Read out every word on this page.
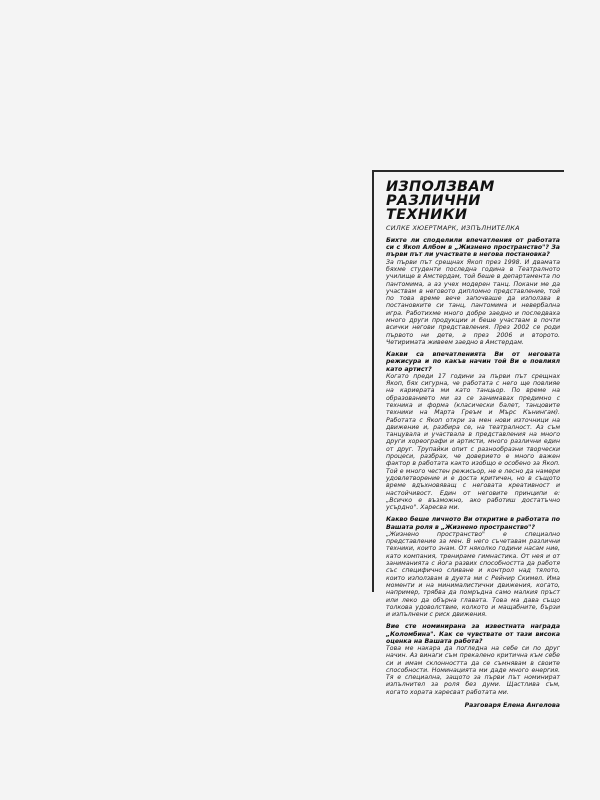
ИЗПОЛЗВАМ РАЗЛИЧНИ
ТЕХНИКИ
СИЛКЕ ХЮЕРТМАРК, ИЗПЪЛНИТЕЛКА

Бихте ли споделили впечатления от работата си с Якоп Албом в „Жизнено пространство"? За първи път ли участвате в негова постановка?

За първи път срещнах Якоп през 1998. И двамата бяхме студенти последна година в Театралното училище в Амстердам, той беше в департамента по пантомима, а аз учех модерен танц. Покани ме да участвам в неговото дипломно представление, той по това време вече започваше да използва в постановките си танц, пантомима и невербална игра. Работихме много добре заедно и последваха много други продукции и беше участвам в почти всички негови представления. През 2002 се роди първото ни дете, а през 2006 и второто. Четиримата живеем заедно в Амстердам.

Какви са впечатленията Ви от неговата режисура и по какъв начин той Ви е повлиял като артист?

Когато преди 17 години за първи път срещнах Якоп, бях сигурна, че работата с него ще повлияе на кариерата ми като танцьор. По време на образованието ми аз се занимавах предимно с техника и форма (класически балет, танцовите техники на Марта Греъм и Мърс Кънингам). Работата с Якоп откри за мен нови източници на движение и, разбира се, на театралност. Аз съм танцувала и участвала в представления на много други хореографи и артисти, много различни един от друг. Трупайки опит с разнообразни творчески процеси, разбрах, че доверието е много важен фактор в работата както изобщо е особено за Якоп. Той е много честен режисьор, не е лесно да намери удовлетворение и е доста критичен, но в същото време вдъхновяващ с неговата креативност и настойчивост. Един от неговите принципи е: „Всичко е възможно, ако работиш достатъчно усърдно". Харесва ми.

Какво беше личното Ви откритие в работата по Вашата роля в „Жизнено пространство"?

„Жизнено пространство" е специално представление за мен. В него съчетавам различни техники, които знам. От няколко години насам ние, като компания, тренираме гимнастика. От нея и от заниманията с йога развих способността да работя със специфично сливане и контрол над тялото, които използвам в дуета ми с Рейнир Скимел. Има моменти и на минималистични движения, когато, например, трябва да помръдна само малкия пръст или леко да обърна главата. Това ма дава също толкова удоволствие, колкото и мащабните, бързи и изпълнени с риск движения.

Вие сте номинирана за известната награда „Коломбина". Как се чувствате от тази висока оценка на Вашата работа?

Това ме накара да погледна на себе си по друг начин. Аз винаги съм прекалено критична към себе си и имам склонността да се съмнявам в своите способности. Номинацията ми даде много енергия. Тя е специална, защото за първи път номинират изпълнител за роля без думи. Щастлива съм, когато хората харесват работата ми.

Разговаря Елена Ангелова
